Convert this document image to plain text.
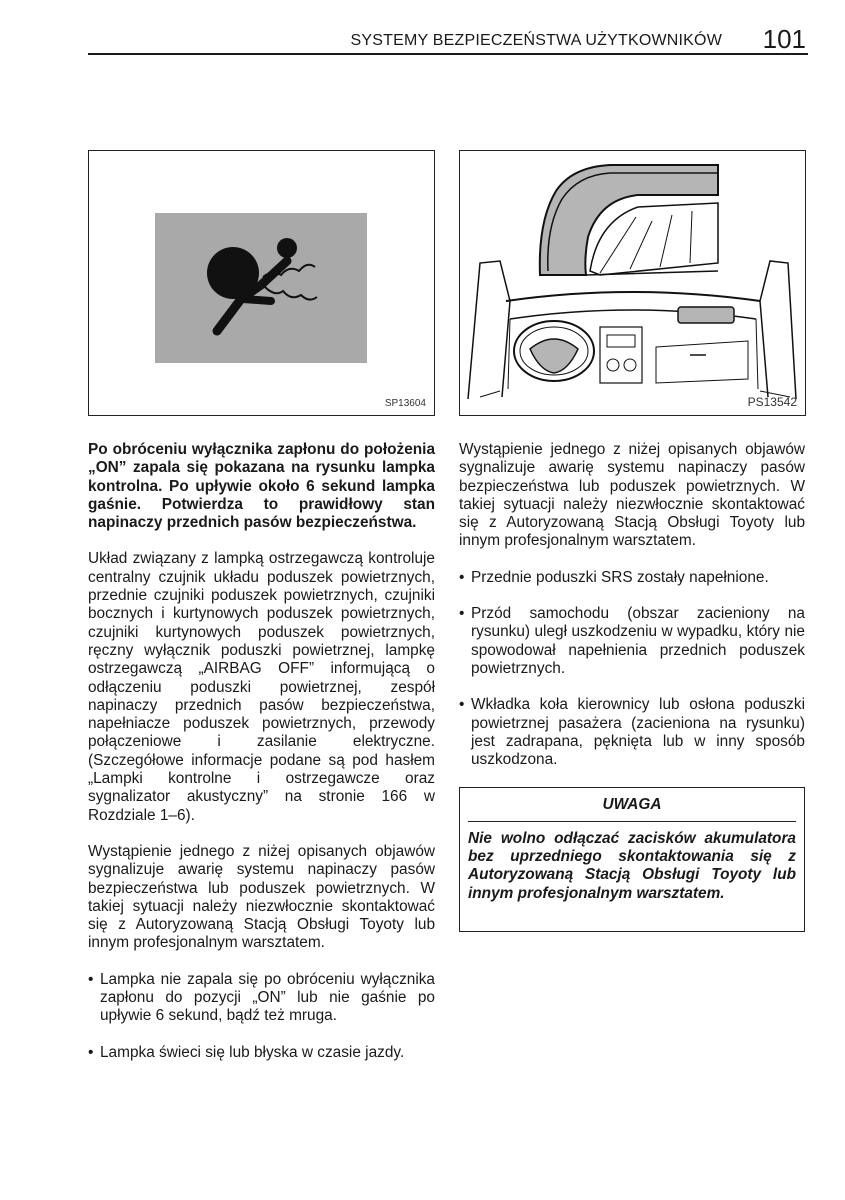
SYSTEMY BEZPIECZEŃSTWA UŻYTKOWNIKÓW 101
SP13604	PS13542

Po obróceniu wyłącznika zapłonu do położenia „ON” zapala się pokazana na rysunku lampka kontrolna. Po upływie około 6 sekund lampka gaśnie. Potwierdza to prawidłowy stan napinaczy przednich pasów bezpieczeństwa.

Układ związany z lampką ostrzegawczą kontroluje centralny czujnik układu poduszek powietrznych, przednie czujniki poduszek powietrznych, czujniki bocznych i kurtynowych poduszek powietrznych, czujniki kurtynowych poduszek powietrznych, ręczny wyłącznik poduszki powietrznej, lampkę ostrzegawczą „AIRBAG OFF” informującą o odłączeniu poduszki powietrznej, zespół napinaczy przednich pasów bezpieczeństwa, napełniacze poduszek powietrznych, przewody połączeniowe i zasilanie elektryczne. (Szczegółowe informacje podane są pod hasłem „Lampki kontrolne i ostrzegawcze oraz sygnalizator akustyczny” na stronie 166 w Rozdziale 1–6).

Wystąpienie jednego z niżej opisanych objawów sygnalizuje awarię systemu napinaczy pasów bezpieczeństwa lub poduszek powietrznych. W takiej sytuacji należy niezwłocznie skontaktować się z Autoryzowaną Stacją Obsługi Toyoty lub innym profesjonalnym warsztatem.

• Lampka nie zapala się po obróceniu wyłącznika zapłonu do pozycji „ON” lub nie gaśnie po upływie 6 sekund, bądź też mruga.
• Lampka świeci się lub błyska w czasie jazdy.

Wystąpienie jednego z niżej opisanych objawów sygnalizuje awarię systemu napinaczy pasów bezpieczeństwa lub poduszek powietrznych. W takiej sytuacji należy niezwłocznie skontaktować się z Autoryzowaną Stacją Obsługi Toyoty lub innym profesjonalnym warsztatem.

• Przednie poduszki SRS zostały napełnione.
• Przód samochodu (obszar zacieniony na rysunku) uległ uszkodzeniu w wypadku, który nie spowodował napełnienia przednich poduszek powietrznych.
• Wkładka koła kierownicy lub osłona poduszki powietrznej pasażera (zacieniona na rysunku) jest zadrapana, pęknięta lub w inny sposób uszkodzona.
UWAGA

Nie wolno odłączać zacisków akumulatora bez uprzedniego skontaktowania się z Autoryzowaną Stacją Obsługi Toyoty lub innym profesjonalnym warsztatem.
